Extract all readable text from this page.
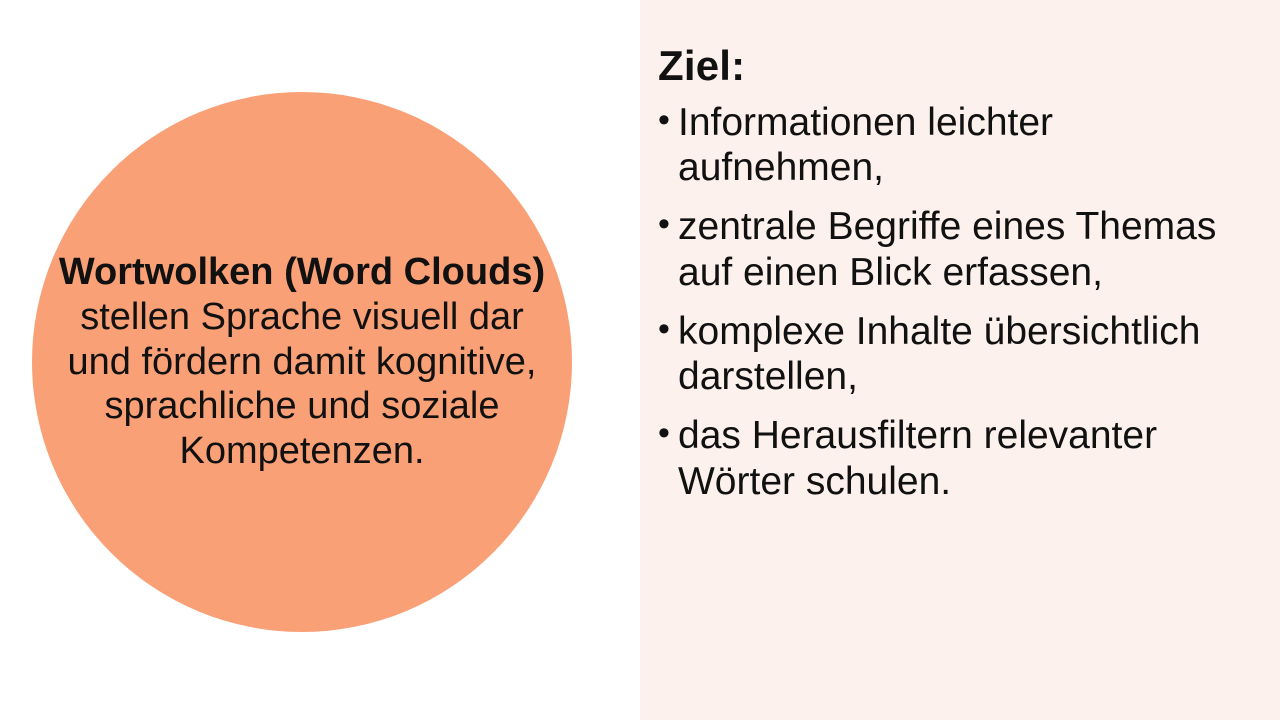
Wortwolken (Word Clouds) stellen Sprache visuell dar und fördern damit kognitive, sprachliche und soziale Kompetenzen.
Ziel:
• Informationen leichter aufnehmen,
• zentrale Begriffe eines Themas auf einen Blick erfassen,
• komplexe Inhalte übersichtlich darstellen,
• das Herausfiltern relevanter Wörter schulen.
